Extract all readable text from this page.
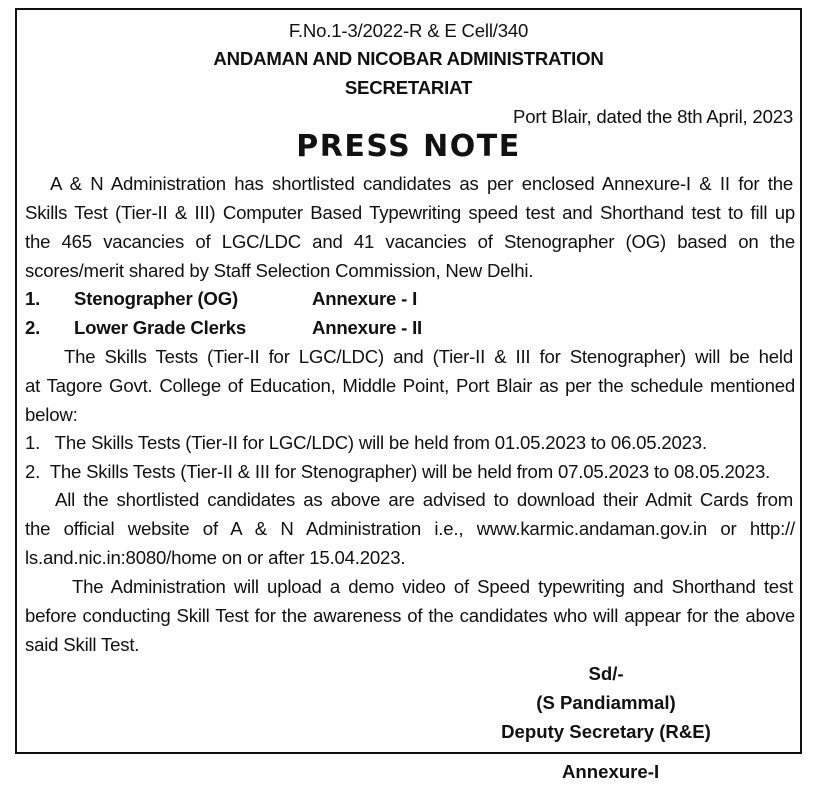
F.No.1-3/2022-R & E Cell/340
ANDAMAN AND NICOBAR ADMINISTRATION
SECRETARIAT
Port Blair, dated the 8th April, 2023
PRESS NOTE
A & N Administration has shortlisted candidates as per enclosed Annexure-I & II for the
Skills Test (Tier-II & III) Computer Based Typewriting speed test and Shorthand test to fill up
the 465 vacancies of LGC/LDC and 41 vacancies of Stenographer (OG) based on the
scores/merit shared by Staff Selection Commission, New Delhi.
1. Stenographer (OG)	Annexure - I
2. Lower Grade Clerks	Annexure - II
The Skills Tests (Tier-II for LGC/LDC) and (Tier-II & III for Stenographer) will be held
at Tagore Govt. College of Education, Middle Point, Port Blair as per the schedule mentioned
below:
1.   The Skills Tests (Tier-II for LGC/LDC) will be held from 01.05.2023 to 06.05.2023.
2.  The Skills Tests (Tier-II & III for Stenographer) will be held from 07.05.2023 to 08.05.2023.
All the shortlisted candidates as above are advised to download their Admit Cards from
the official website of A & N Administration i.e., www.karmic.andaman.gov.in or http://
ls.and.nic.in:8080/home on or after 15.04.2023.
The Administration will upload a demo video of Speed typewriting and Shorthand test
before conducting Skill Test for the awareness of the candidates who will appear for the above
said Skill Test.
Sd/-
(S Pandiammal)
Deputy Secretary (R&E)
Annexure-I
